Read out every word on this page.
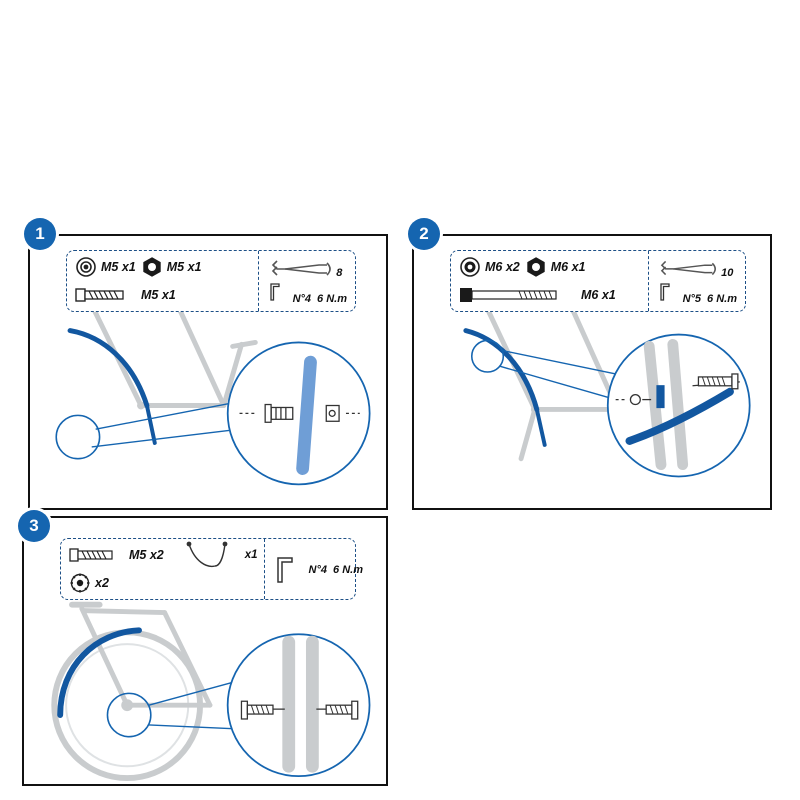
1
M5 x1 M5 x1
M5 x1
8
N°4 6 N.m
2
M6 x2 M6 x1
M6 x1
10
N°5 6 N.m
3
M5 x2	x1
x2
N°4 6 N.m
